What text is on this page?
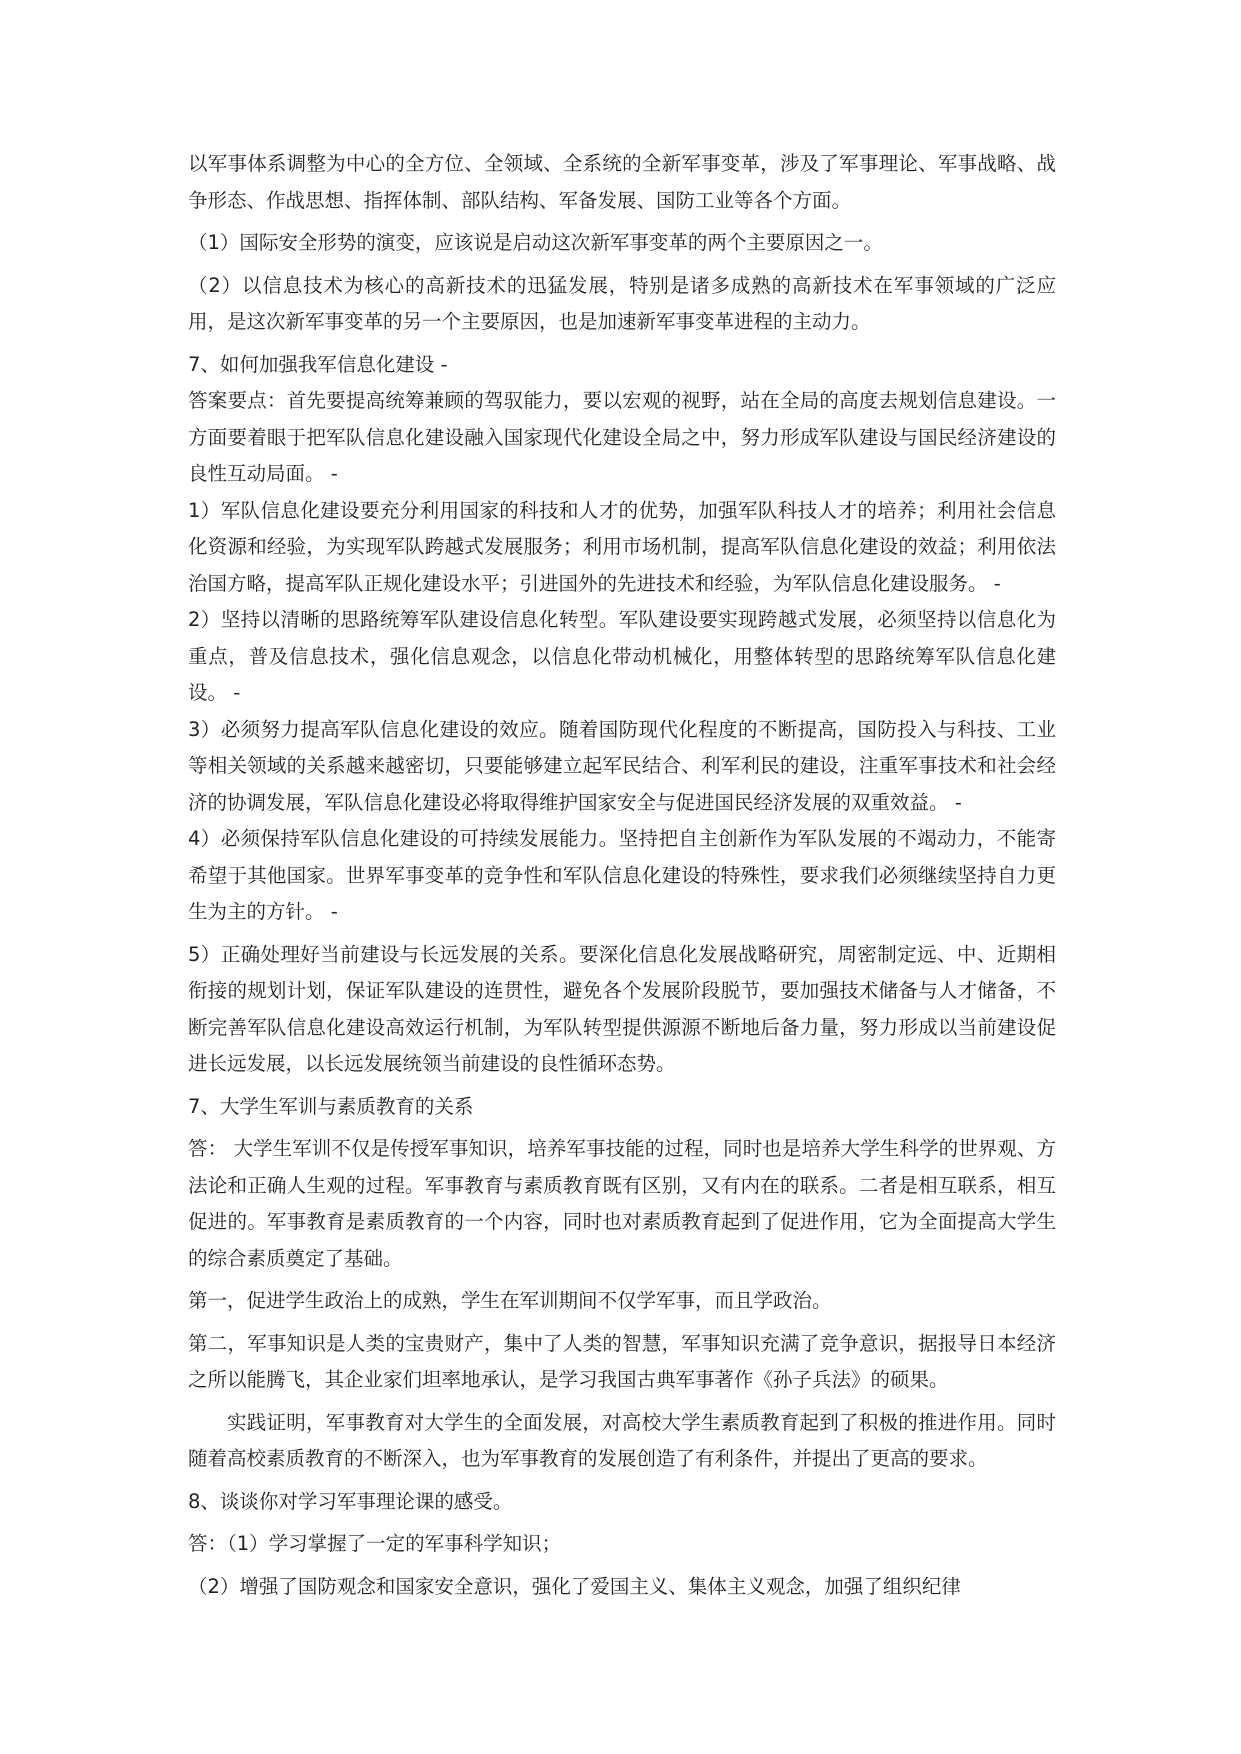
以军事体系调整为中心的全方位、全领域、全系统的全新军事变革，涉及了军事理论、军事战略、战争形态、作战思想、指挥体制、部队结构、军备发展、国防工业等各个方面。

（1）国际安全形势的演变，应该说是启动这次新军事变革的两个主要原因之一。

（2）以信息技术为核心的高新技术的迅猛发展，特别是诸多成熟的高新技术在军事领域的广泛应用，是这次新军事变革的另一个主要原因，也是加速新军事变革进程的主动力。

7、如何加强我军信息化建设 -

答案要点：首先要提高统筹兼顾的驾驭能力，要以宏观的视野，站在全局的高度去规划信息建设。一方面要着眼于把军队信息化建设融入国家现代化建设全局之中，努力形成军队建设与国民经济建设的良性互动局面。 -

1）军队信息化建设要充分利用国家的科技和人才的优势，加强军队科技人才的培养；利用社会信息化资源和经验，为实现军队跨越式发展服务；利用市场机制，提高军队信息化建设的效益；利用依法治国方略，提高军队正规化建设水平；引进国外的先进技术和经验，为军队信息化建设服务。 -

2）坚持以清晰的思路统筹军队建设信息化转型。军队建设要实现跨越式发展，必须坚持以信息化为重点，普及信息技术，强化信息观念，以信息化带动机械化，用整体转型的思路统筹军队信息化建设。 -

3）必须努力提高军队信息化建设的效应。随着国防现代化程度的不断提高，国防投入与科技、工业等相关领域的关系越来越密切，只要能够建立起军民结合、利军利民的建设，注重军事技术和社会经济的协调发展，军队信息化建设必将取得维护国家安全与促进国民经济发展的双重效益。 -

4）必须保持军队信息化建设的可持续发展能力。坚持把自主创新作为军队发展的不竭动力，不能寄希望于其他国家。世界军事变革的竞争性和军队信息化建设的特殊性，要求我们必须继续坚持自力更生为主的方针。 -

5）正确处理好当前建设与长远发展的关系。要深化信息化发展战略研究，周密制定远、中、近期相衔接的规划计划，保证军队建设的连贯性，避免各个发展阶段脱节，要加强技术储备与人才储备，不断完善军队信息化建设高效运行机制，为军队转型提供源源不断地后备力量，努力形成以当前建设促进长远发展，以长远发展统领当前建设的良性循环态势。

7、大学生军训与素质教育的关系

答： 大学生军训不仅是传授军事知识，培养军事技能的过程，同时也是培养大学生科学的世界观、方法论和正确人生观的过程。军事教育与素质教育既有区别，又有内在的联系。二者是相互联系，相互促进的。军事教育是素质教育的一个内容，同时也对素质教育起到了促进作用，它为全面提高大学生的综合素质奠定了基础。

第一，促进学生政治上的成熟，学生在军训期间不仅学军事，而且学政治。

第二，军事知识是人类的宝贵财产，集中了人类的智慧，军事知识充满了竞争意识，据报导日本经济之所以能腾飞，其企业家们坦率地承认，是学习我国古典军事著作《孙子兵法》的硕果。

实践证明，军事教育对大学生的全面发展，对高校大学生素质教育起到了积极的推进作用。同时随着高校素质教育的不断深入，也为军事教育的发展创造了有利条件，并提出了更高的要求。

8、谈谈你对学习军事理论课的感受。

答：（1）学习掌握了一定的军事科学知识；

（2）增强了国防观念和国家安全意识，强化了爱国主义、集体主义观念，加强了组织纪律
